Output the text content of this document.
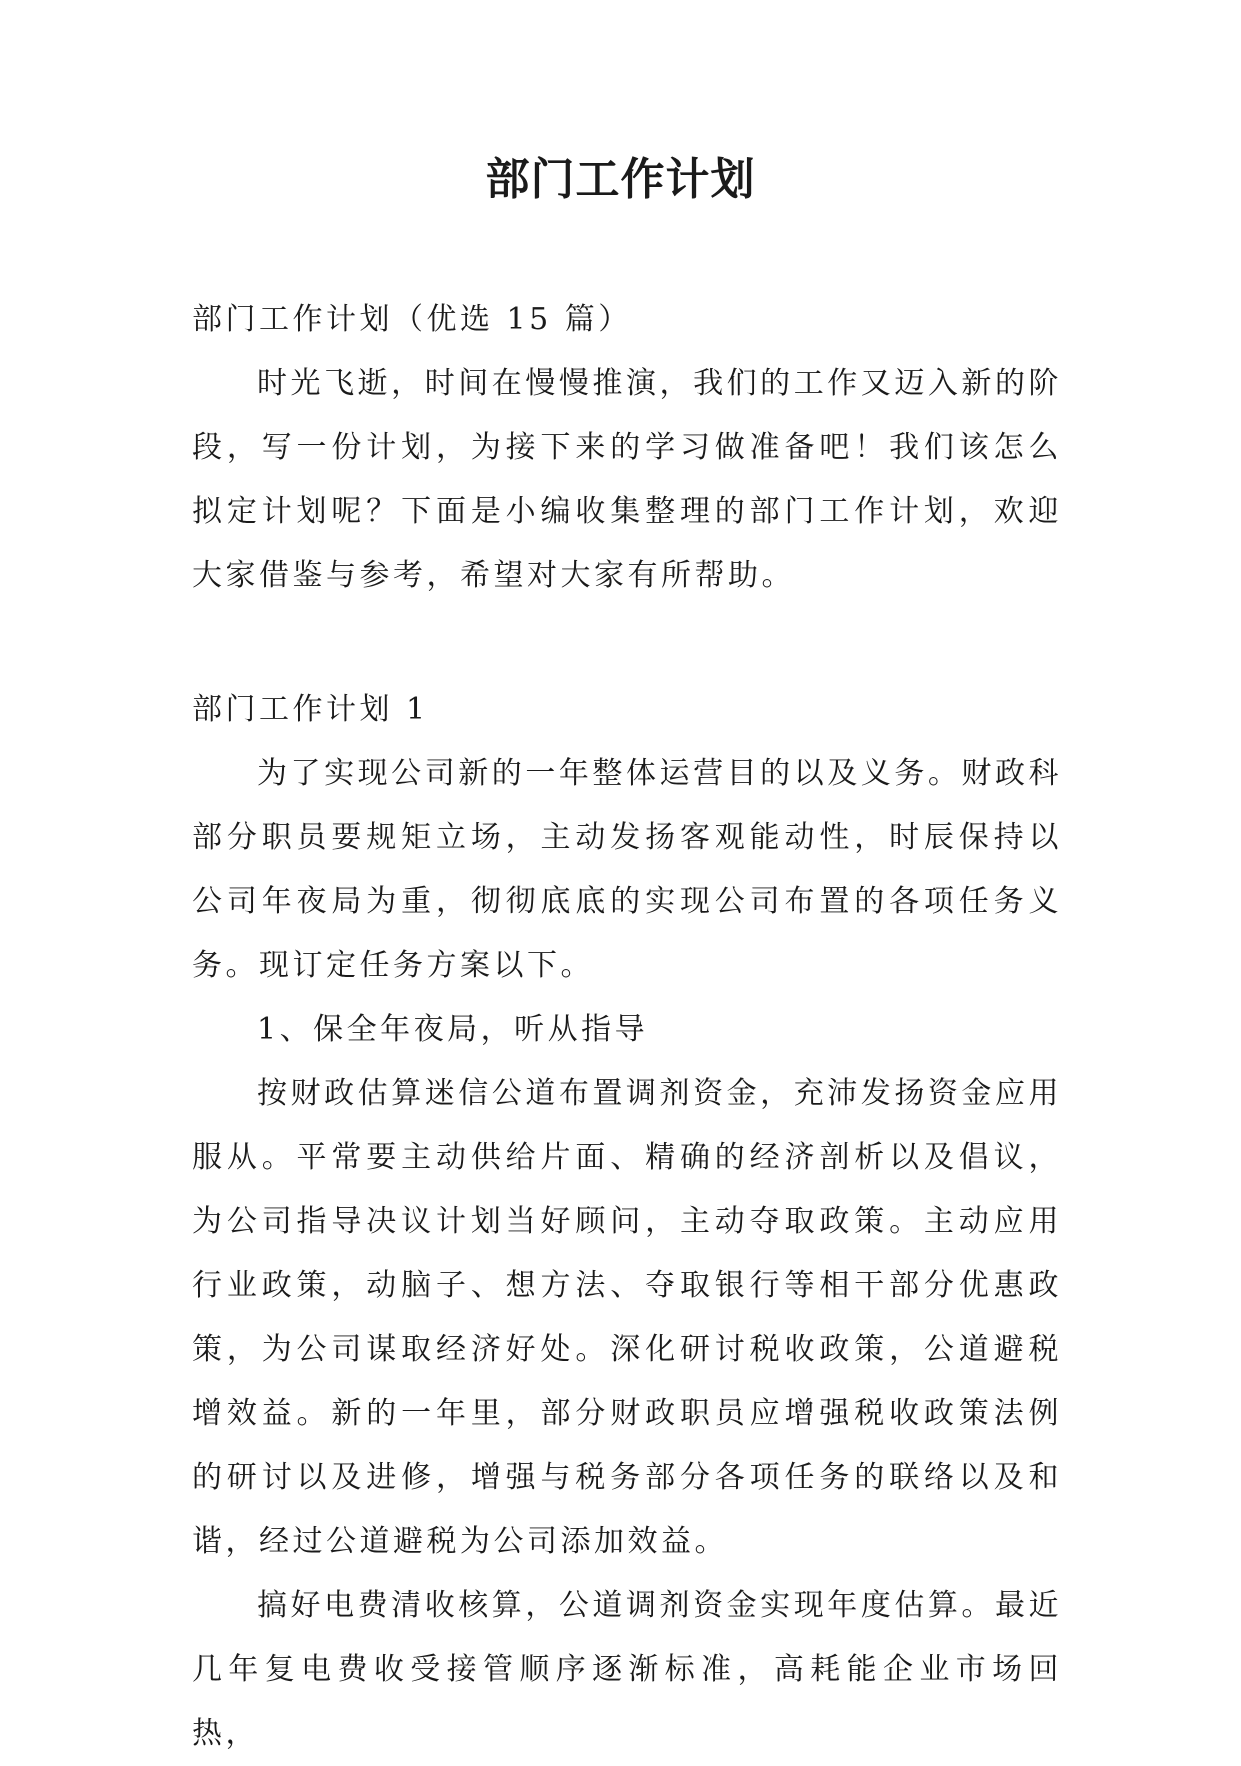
部门工作计划

部门工作计划（优选 15 篇）

时光飞逝，时间在慢慢推演，我们的工作又迈入新的阶段，写一份计划，为接下来的学习做准备吧！我们该怎么拟定计划呢？下面是小编收集整理的部门工作计划，欢迎大家借鉴与参考，希望对大家有所帮助。

部门工作计划 1

为了实现公司新的一年整体运营目的以及义务。财政科部分职员要规矩立场，主动发扬客观能动性，时辰保持以公司年夜局为重，彻彻底底的实现公司布置的各项任务义务。现订定任务方案以下。

1、保全年夜局，听从指导

按财政估算迷信公道布置调剂资金，充沛发扬资金应用服从。平常要主动供给片面、精确的经济剖析以及倡议，为公司指导决议计划当好顾问，主动夺取政策。主动应用行业政策，动脑子、想方法、夺取银行等相干部分优惠政策，为公司谋取经济好处。深化研讨税收政策，公道避税增效益。新的一年里，部分财政职员应增强税收政策法例的研讨以及进修，增强与税务部分各项任务的联络以及和谐，经过公道避税为公司添加效益。

搞好电费清收核算，公道调剂资金实现年度估算。最近几年复电费收受接管顺序逐渐标准，高耗能企业市场回热，
